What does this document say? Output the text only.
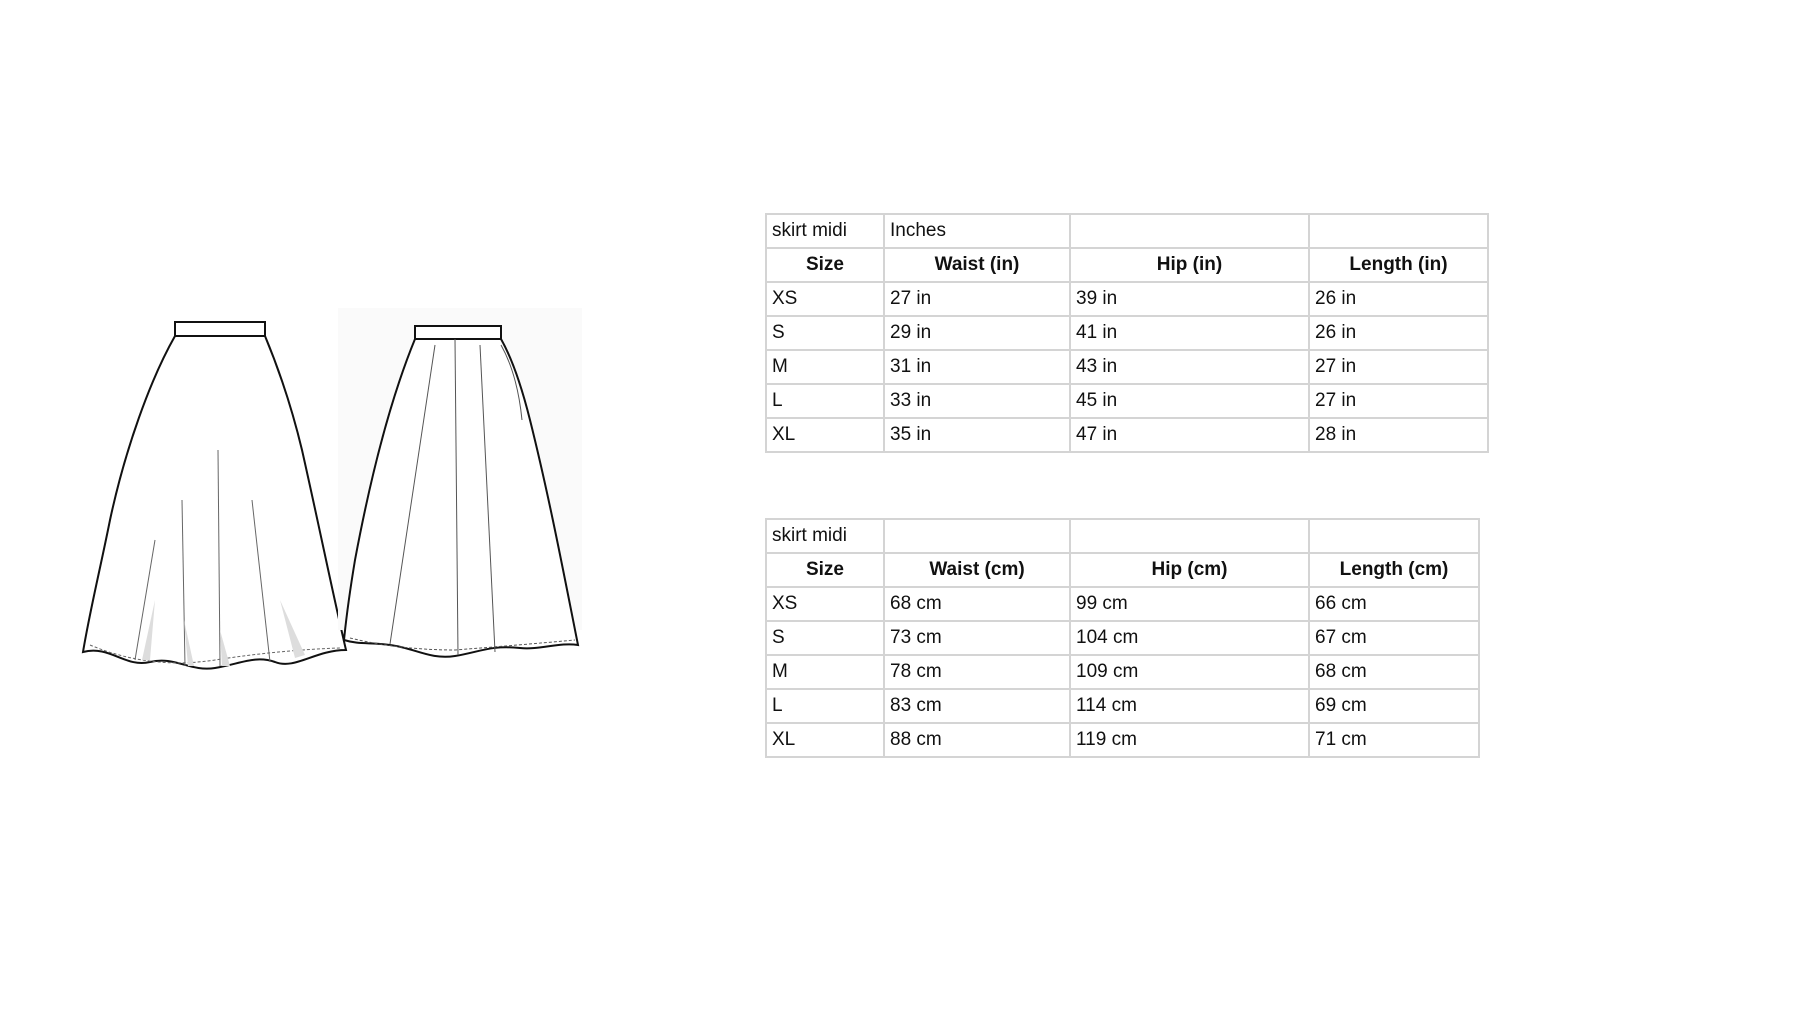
skirt midi	Inches		
Size	Waist (in)	Hip (in)	Length (in)
XS	27 in	39 in	26 in
S	29 in	41 in	26 in
M	31 in	43 in	27 in
L	33 in	45 in	27 in
XL	35 in	47 in	28 in
skirt midi			
Size	Waist (cm)	Hip (cm)	Length (cm)
XS	68 cm	99 cm	66 cm
S	73 cm	104 cm	67 cm
M	78 cm	109 cm	68 cm
L	83 cm	114 cm	69 cm
XL	88 cm	119 cm	71 cm
